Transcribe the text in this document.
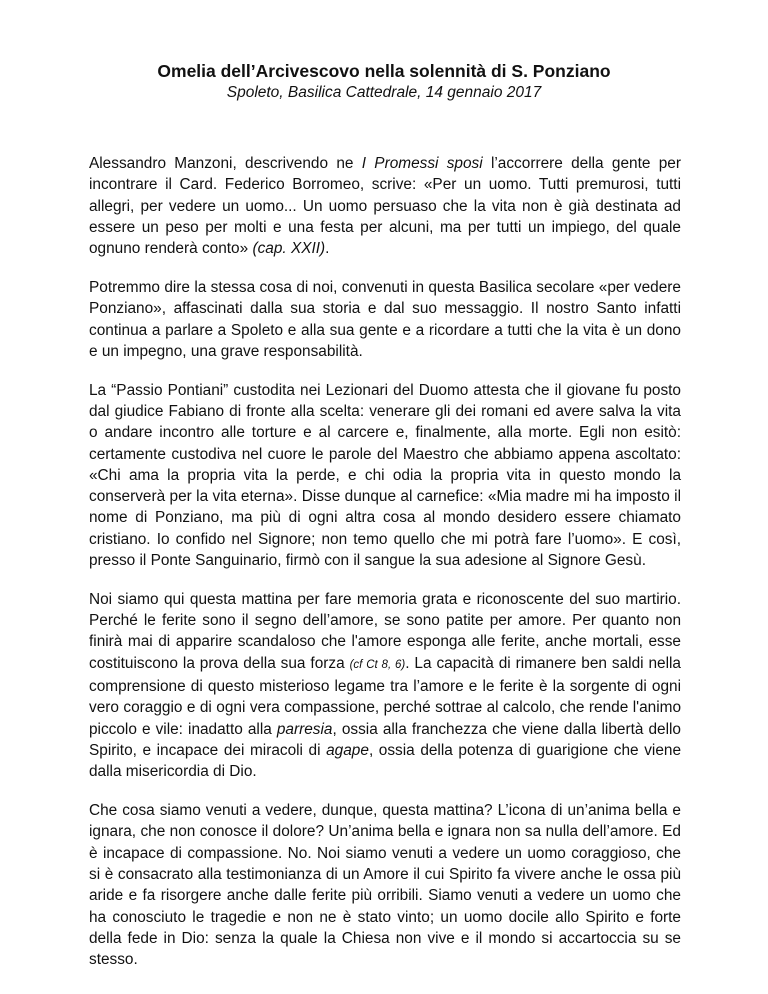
Omelia dell’Arcivescovo nella solennità di S. Ponziano

Spoleto, Basilica Cattedrale, 14 gennaio 2017

Alessandro Manzoni, descrivendo ne I Promessi sposi l’accorrere della gente per incontrare il Card. Federico Borromeo, scrive: «Per un uomo. Tutti premurosi, tutti allegri, per vedere un uomo... Un uomo persuaso che la vita non è già destinata ad essere un peso per molti e una festa per alcuni, ma per tutti un impiego, del quale ognuno renderà conto» (cap. XXII).

Potremmo dire la stessa cosa di noi, convenuti in questa Basilica secolare «per vedere Ponziano», affascinati dalla sua storia e dal suo messaggio. Il nostro Santo infatti continua a parlare a Spoleto e alla sua gente e a ricordare a tutti che la vita è un dono e un impegno, una grave responsabilità.

La “Passio Pontiani” custodita nei Lezionari del Duomo attesta che il giovane fu posto dal giudice Fabiano di fronte alla scelta: venerare gli dei romani ed avere salva la vita o andare incontro alle torture e al carcere e, finalmente, alla morte. Egli non esitò: certamente custodiva nel cuore le parole del Maestro che abbiamo appena ascoltato: «Chi ama la propria vita la perde, e chi odia la propria vita in questo mondo la conserverà per la vita eterna». Disse dunque al carnefice: «Mia madre mi ha imposto il nome di Ponziano, ma più di ogni altra cosa al mondo desidero essere chiamato cristiano. Io confido nel Signore; non temo quello che mi potrà fare l’uomo». E così, presso il Ponte Sanguinario, firmò con il sangue la sua adesione al Signore Gesù.

Noi siamo qui questa mattina per fare memoria grata e riconoscente del suo martirio. Perché le ferite sono il segno dell’amore, se sono patite per amore. Per quanto non finirà mai di apparire scandaloso che l'amore esponga alle ferite, anche mortali, esse costituiscono la prova della sua forza (cf Ct 8, 6). La capacità di rimanere ben saldi nella comprensione di questo misterioso legame tra l’amore e le ferite è la sorgente di ogni vero coraggio e di ogni vera compassione, perché sottrae al calcolo, che rende l'animo piccolo e vile: inadatto alla parresia, ossia alla franchezza che viene dalla libertà dello Spirito, e incapace dei miracoli di agape, ossia della potenza di guarigione che viene dalla misericordia di Dio.

Che cosa siamo venuti a vedere, dunque, questa mattina? L’icona di un’anima bella e ignara, che non conosce il dolore? Un’anima bella e ignara non sa nulla dell’amore. Ed è incapace di compassione. No. Noi siamo venuti a vedere un uomo coraggioso, che si è consacrato alla testimonianza di un Amore il cui Spirito fa vivere anche le ossa più aride e fa risorgere anche dalle ferite più orribili. Siamo venuti a vedere un uomo che ha conosciuto le tragedie e non ne è stato vinto; un uomo docile allo Spirito e forte della fede in Dio: senza la quale la Chiesa non vive e il mondo si accartoccia su se stesso.
